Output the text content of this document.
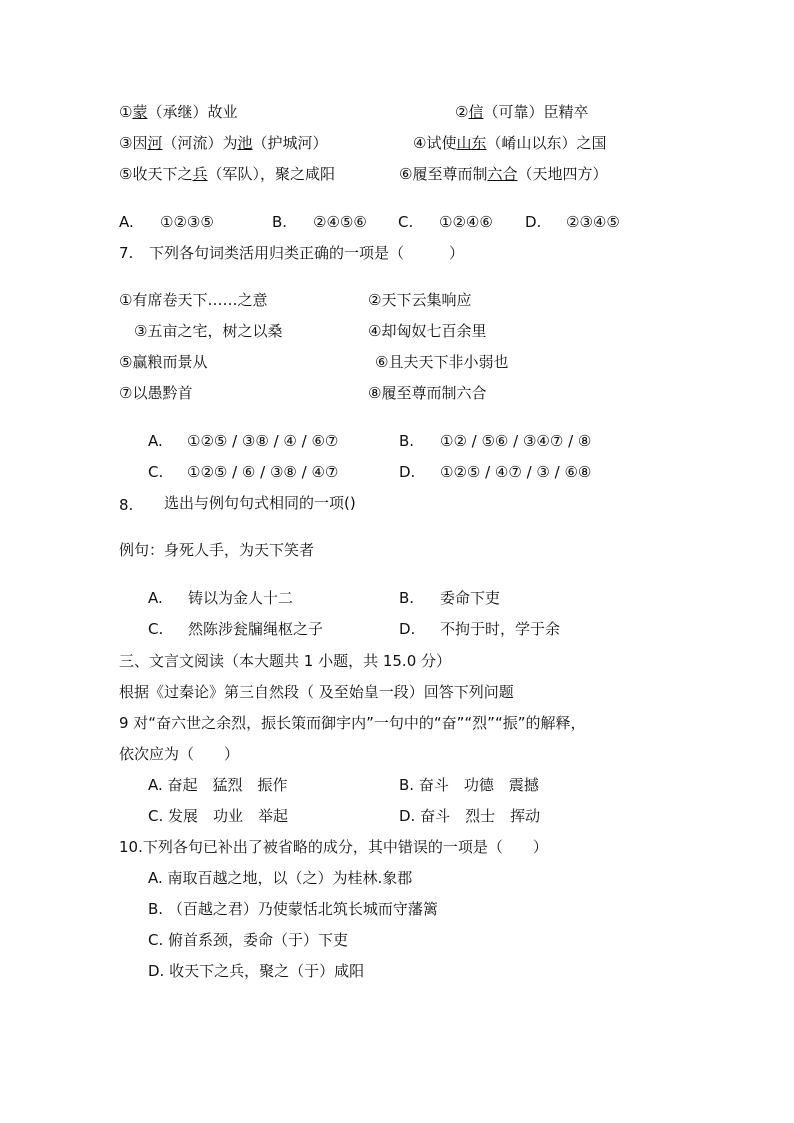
①蒙（承继）故业	②信（可靠）臣精卒
③因河（河流）为池（护城河）	④试使山东（崤山以东）之国
⑤收天下之兵（军队），聚之咸阳	⑥履至尊而制六合（天地四方）
A. ①②③⑤	B. ②④⑤⑥ C. ①②④⑥ D. ②③④⑤
7. 下列各句词类活用归类正确的一项是（　　　）
①有席卷天下……之意	②天下云集响应
③五亩之宅，树之以桑	④却匈奴七百余里
⑤赢粮而景从	⑥且夫天下非小弱也
⑦以愚黔首	⑧履至尊而制六合
A. ①②⑤ / ③⑧ / ④ / ⑥⑦	B. ①② / ⑤⑥ / ③④⑦ / ⑧
C. ①②⑤ / ⑥ / ③⑧ / ④⑦	D. ①②⑤ / ④⑦ / ③ / ⑥⑧
8. 选出与例句句式相同的一项()
例句：身死人手，为天下笑者
A. 铸以为金人十二	B. 委命下吏
C. 然陈涉瓮牖绳枢之子	D. 不拘于时，学于余
三、文言文阅读（本大题共 1 小题，共 15.0 分）
根据《过秦论》第三自然段（ 及至始皇一段）回答下列问题
9 对“奋六世之余烈，振长策而御宇内”一句中的“奋”“烈”“振”的解释，
依次应为（　　）
A. 奋起　猛烈　振作	B. 奋斗　功德　震撼
C. 发展　功业　举起	D. 奋斗　烈士　挥动
10.下列各句已补出了被省略的成分，其中错误的一项是（　　）
A. 南取百越之地，以（之）为桂林.象郡
B. （百越之君）乃使蒙恬北筑长城而守藩篱
C. 俯首系颈，委命（于）下吏
D. 收天下之兵，聚之（于）咸阳
